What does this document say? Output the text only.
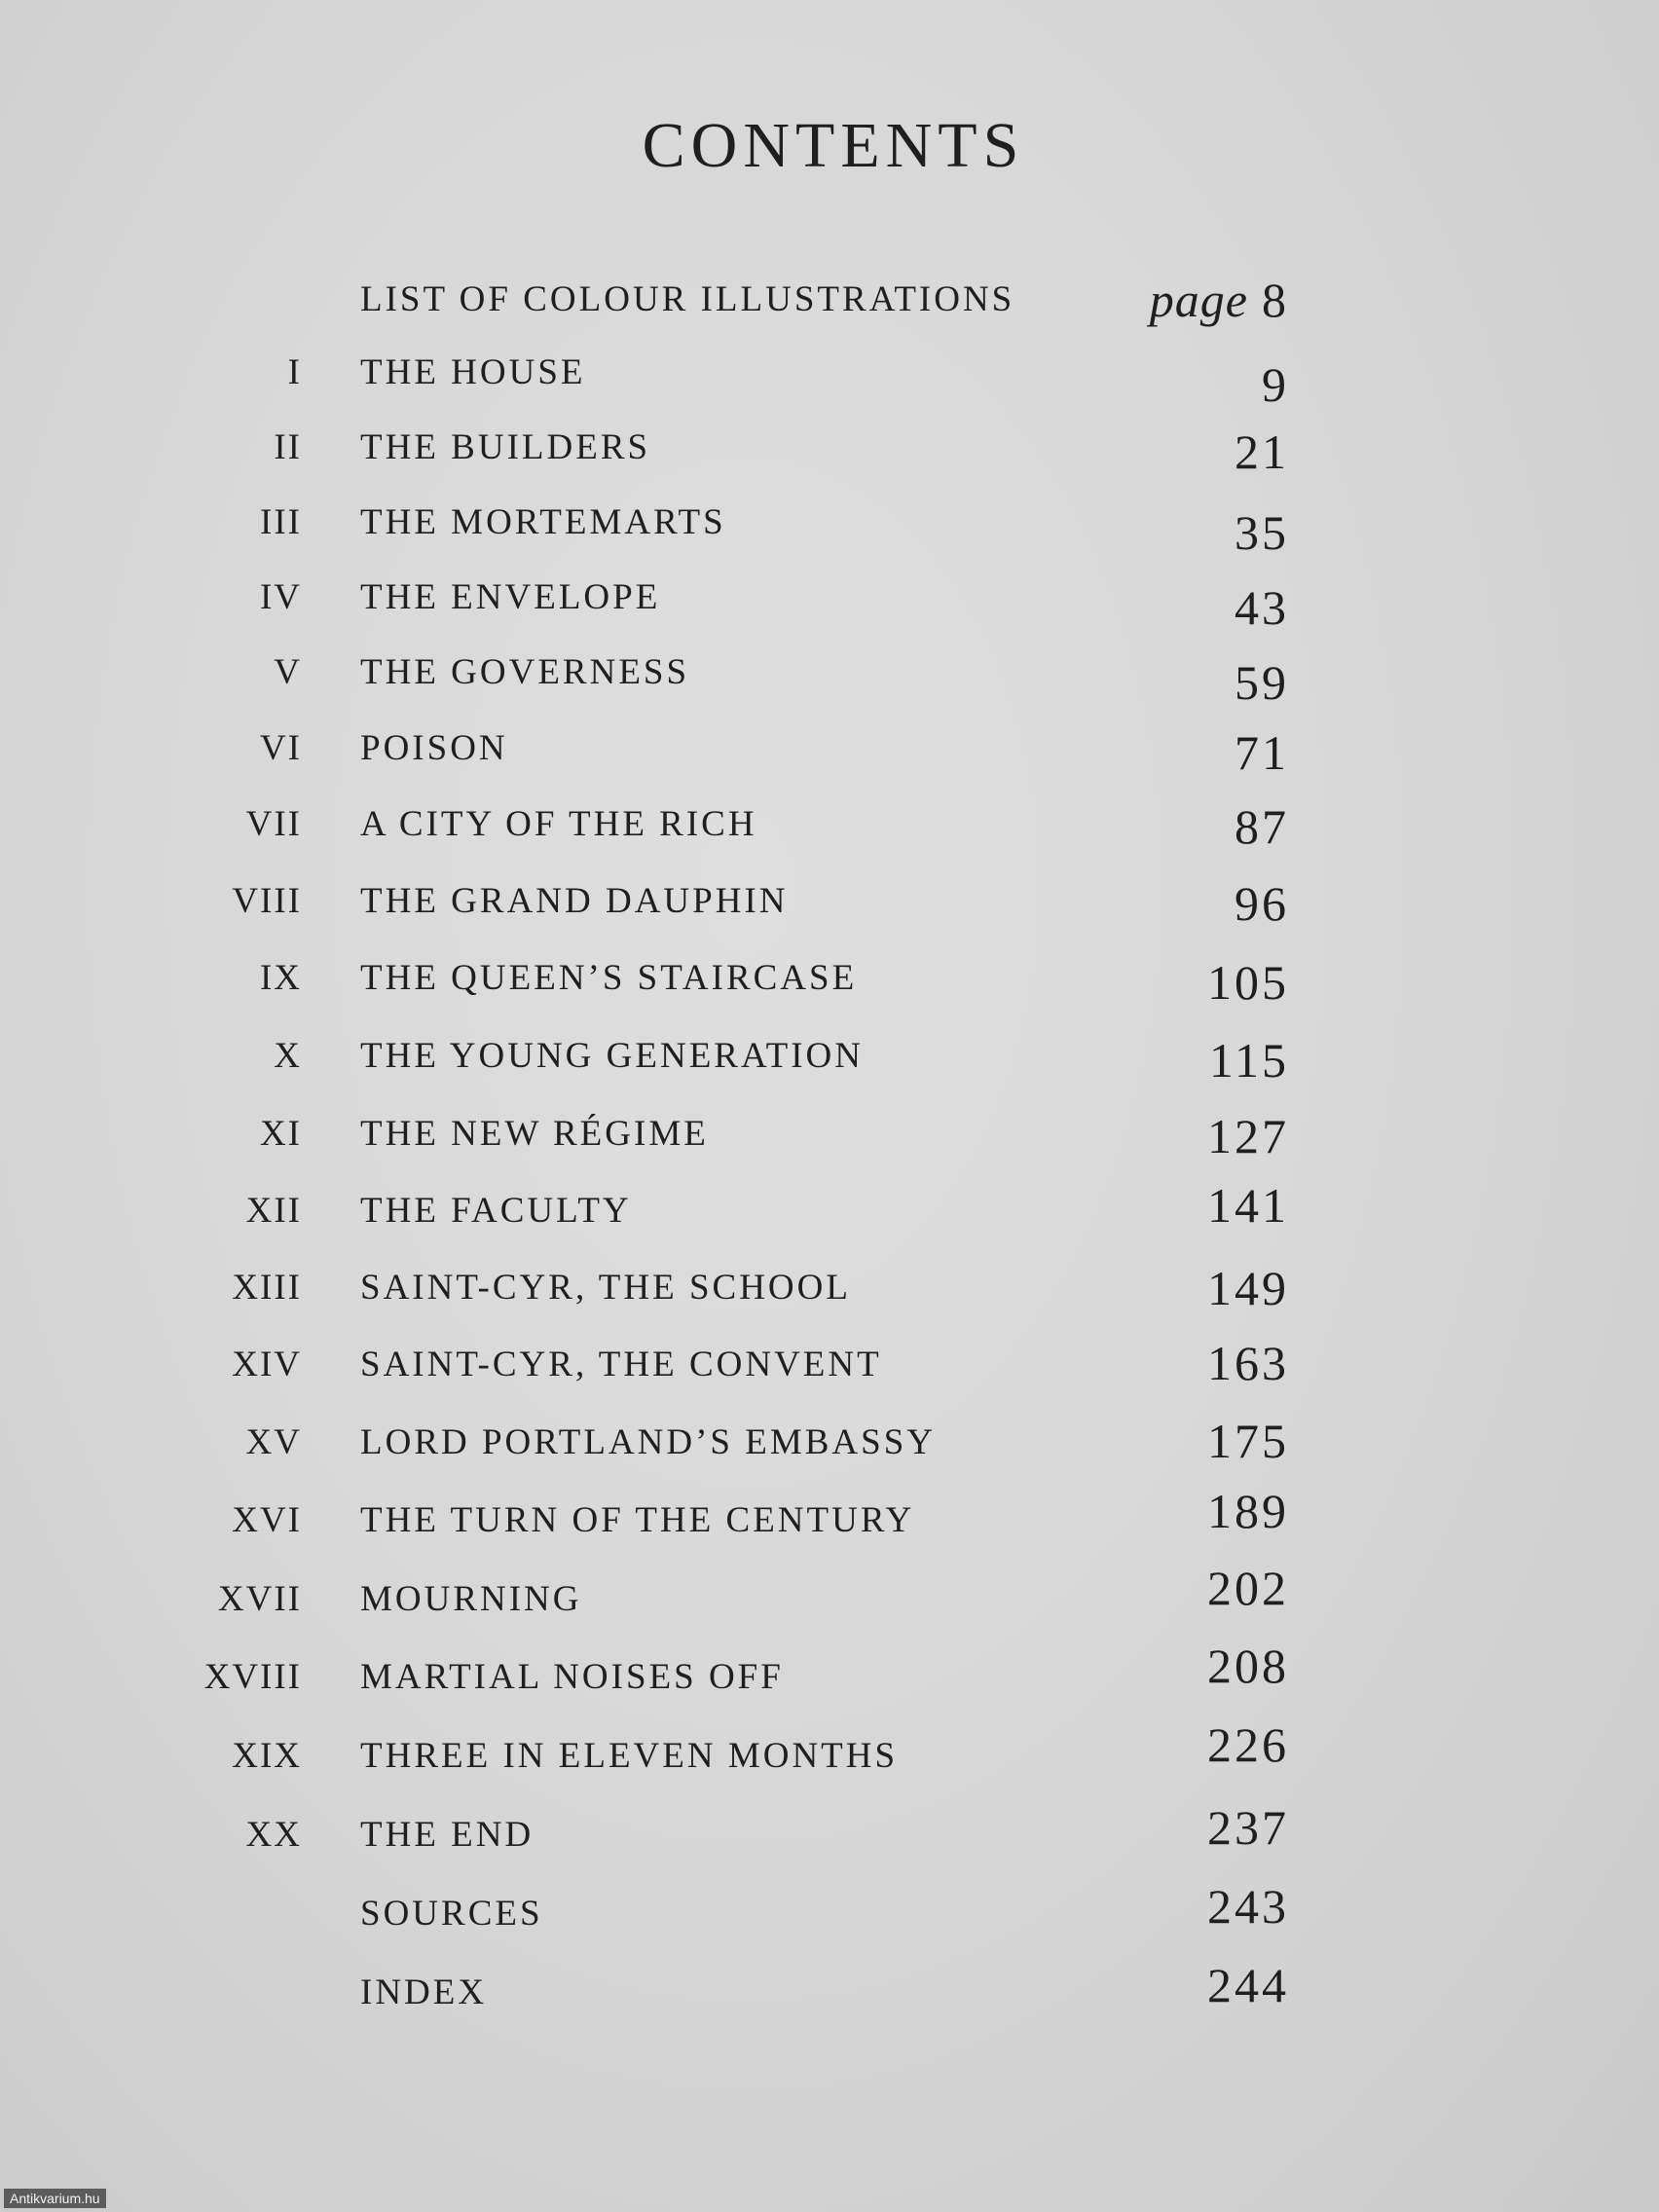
CONTENTS
LIST OF COLOUR ILLUSTRATIONS	page 8
I THE HOUSE	9
II THE BUILDERS	21
III THE MORTEMARTS	35
IV THE ENVELOPE	43
V THE GOVERNESS	59
VI POISON	71
VII A CITY OF THE RICH	87
VIII THE GRAND DAUPHIN	96
IX THE QUEEN’S STAIRCASE	105
X THE YOUNG GENERATION	115
XI THE NEW RÉGIME	127
XII THE FACULTY	141
XIII SAINT-CYR, THE SCHOOL	149
XIV SAINT-CYR, THE CONVENT	163
XV LORD PORTLAND’S EMBASSY	175
XVI THE TURN OF THE CENTURY	189
XVII MOURNING	202
XVIII MARTIAL NOISES OFF	208
XIX THREE IN ELEVEN MONTHS	226
XX THE END	237
SOURCES	243
INDEX	244
Antikvarium.hu
